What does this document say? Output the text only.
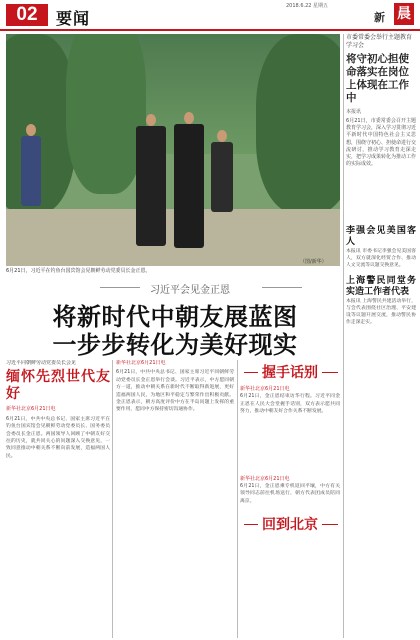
02	要闻
2018.6.22 星期五
新 晨
（图/新华）
6月21日，习近平在钓鱼台国宾馆会见朝鲜劳动党委员长金正恩。
市委常委会举行主题教育学习会
将守初心担使命落实在岗位上体现在工作中
本报讯
6月21日，市委常委会召开主题教育学习会，深入学习贯彻习近平新时代中国特色社会主义思想，围绕守初心、担使命进行交流研讨，推动学习教育走深走实，把学习成果转化为推动工作的实际成效。
习近平会见金正恩
将新时代中朝友展蓝图
一步步转化为美好现实
习近平同朝鲜劳动党委员长会见
缅怀先烈世代友好
新华社北京6月21日电
6月21日，中共中央总书记、国家主席习近平在钓鱼台国宾馆会见朝鲜劳动党委员长、国务委员会委员长金正恩。两国领导人回顾了中朝友好交往的历史，就共同关心的问题深入交换意见，一致同意推动中朝关系不断向前发展，造福两国人民。
新华社北京6月21日电
6月21日，中共中央总书记、国家主席习近平同朝鲜劳动党委员长金正恩举行会谈。习近平表示，中方愿同朝方一道，推动中朝关系在新时代不断取得新进展，更好造福两国人民，为地区和平稳定与繁荣作出积极贡献。金正恩表示，朝方高度评价中方在半岛问题上发挥的重要作用，愿同中方保持密切沟通协作。
新华社北京6月21日电
6月21日，金正恩结束访华行程。习近平同金正恩在人民大会堂握手话别，双方表示愿共同努力，推动中朝友好合作关系不断发展。
新华社北京6月21日电
6月21日，金正恩乘专机返回平壤，中方有关领导同志前往机场送行，朝方代表团成员陪同离京。
握手话别
回到北京
李强会见美国客人
本报讯 市委书记李强会见美国客人，双方就深化经贸合作、推动人文交流等议题交换意见。
上海警民同堂务实造工作者代表
本报讯 上海警民共建活动举行，与会代表围绕社区治理、平安建设等议题开展交流，推动警民协作走深走实。
